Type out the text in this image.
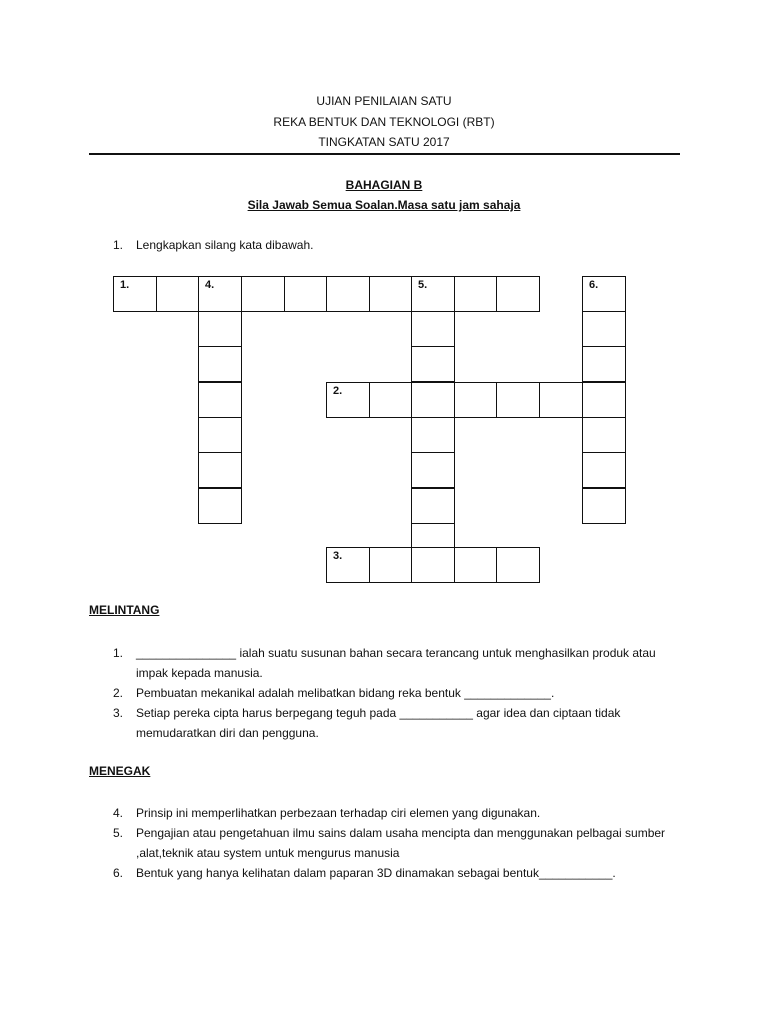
UJIAN PENILAIAN SATU
REKA BENTUK DAN TEKNOLOGI (RBT)
TINGKATAN SATU 2017
BAHAGIAN B
Sila Jawab Semua Soalan.Masa satu jam sahaja
1. Lengkapkan silang kata dibawah.
1.	4.	5.	6.
2.
3.
MELINTANG
1. _______________ ialah suatu susunan bahan secara terancang untuk menghasilkan produk atau impak kepada manusia.
2. Pembuatan mekanikal adalah melibatkan bidang reka bentuk _____________.
3. Setiap pereka cipta harus berpegang teguh pada ___________ agar idea dan ciptaan tidak memudaratkan diri dan pengguna.
MENEGAK
4. Prinsip ini memperlihatkan perbezaan terhadap ciri elemen yang digunakan.
5. Pengajian atau pengetahuan ilmu sains dalam usaha mencipta dan menggunakan pelbagai sumber ,alat,teknik atau system untuk mengurus manusia
6. Bentuk yang hanya kelihatan dalam paparan 3D dinamakan sebagai bentuk___________.
